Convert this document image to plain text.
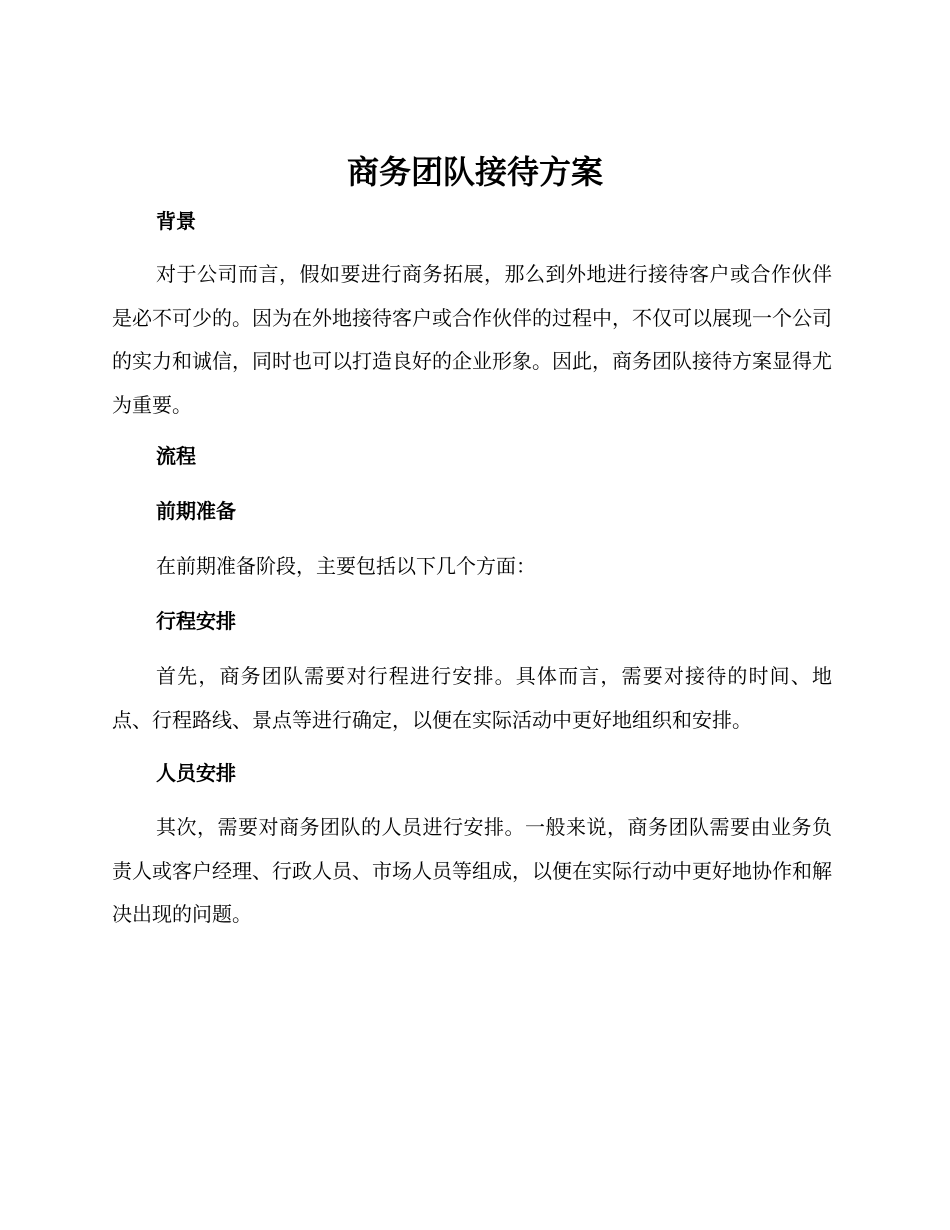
商务团队接待方案
背景

对于公司而言，假如要进行商务拓展，那么到外地进行接待客户或合作伙伴是必不可少的。因为在外地接待客户或合作伙伴的过程中，不仅可以展现一个公司的实力和诚信，同时也可以打造良好的企业形象。因此，商务团队接待方案显得尤为重要。

流程
前期准备

在前期准备阶段，主要包括以下几个方面：

行程安排

首先，商务团队需要对行程进行安排。具体而言，需要对接待的时间、地点、行程路线、景点等进行确定，以便在实际活动中更好地组织和安排。

人员安排

其次，需要对商务团队的人员进行安排。一般来说，商务团队需要由业务负责人或客户经理、行政人员、市场人员等组成，以便在实际行动中更好地协作和解决出现的问题。
